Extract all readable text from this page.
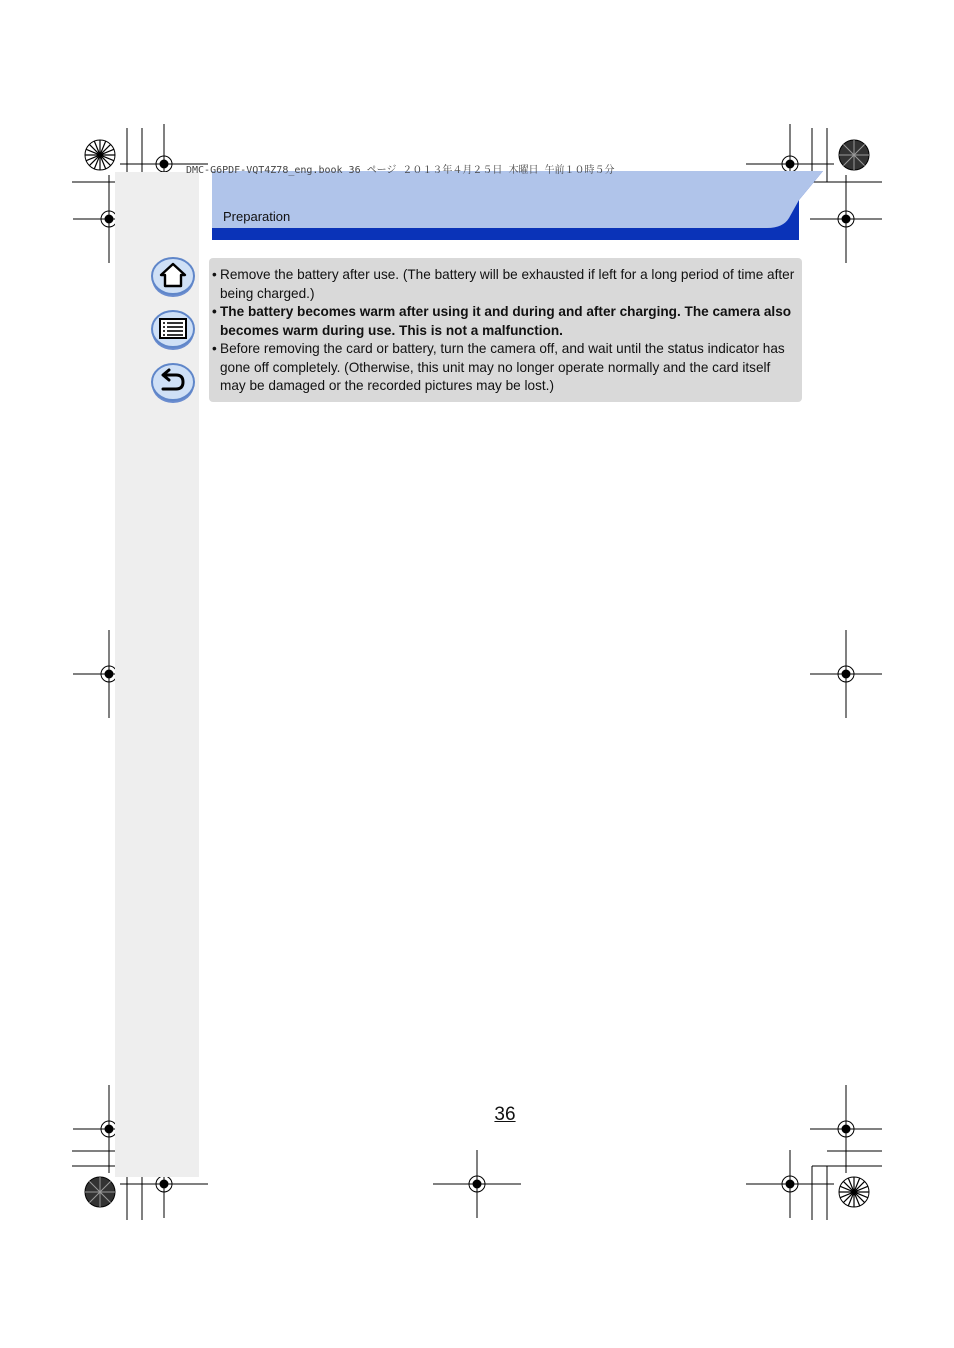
DMC-G6PDF-VQT4Z78_eng.book 36 ページ ２０１３年４月２５日 木曜日 午前１０時５分
Preparation
• Remove the battery after use. (The battery will be exhausted if left for a long period of time after
being charged.)
• The battery becomes warm after using it and during and after charging. The camera also
becomes warm during use. This is not a malfunction.
• Before removing the card or battery, turn the camera off, and wait until the status indicator has
gone off completely. (Otherwise, this unit may no longer operate normally and the card itself
may be damaged or the recorded pictures may be lost.)
36
